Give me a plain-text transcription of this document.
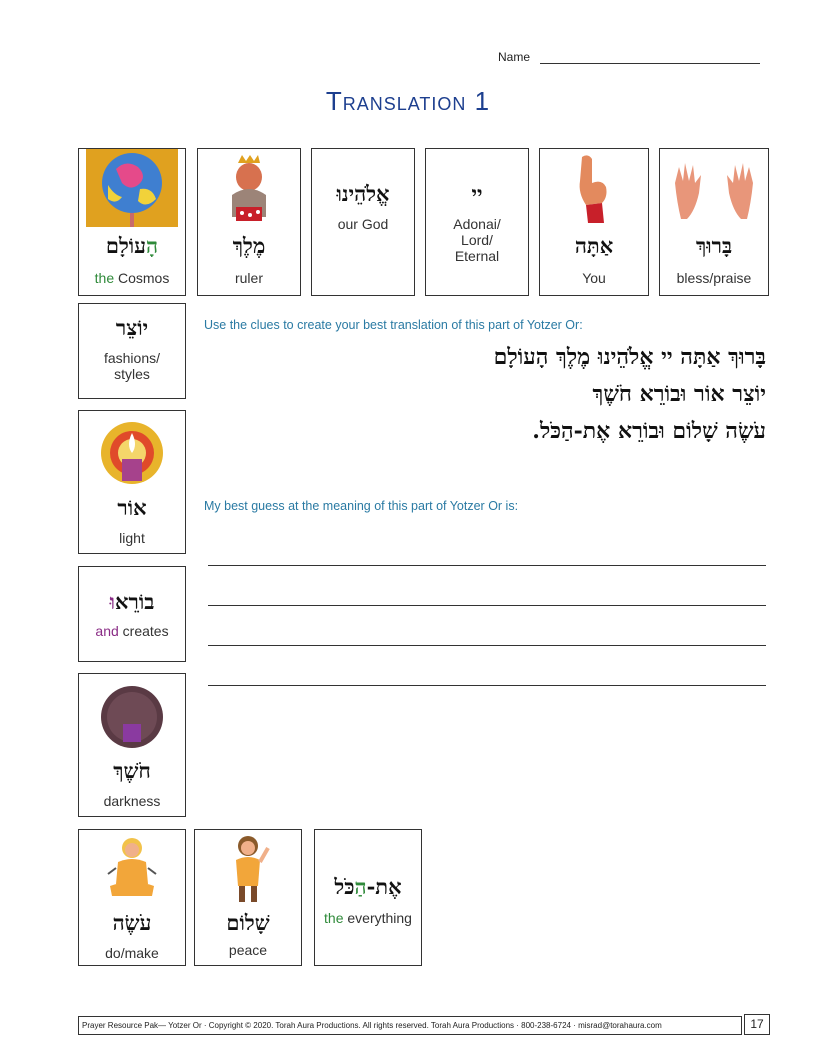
Name
Translation 1
הָעוֹלָם
the Cosmos
מֶלֶךְ
ruler
אֱלֹהֵינוּ
our God
יי
Adonai/ Lord/ Eternal	אַתָּה
You
בָּרוּךְ
bless/praise
יוֹצֵר
fashions/ styles
אוֹר
light
בוֹרֵאוּ
and creates
חֹשֶׁךְ
darkness
עֹשֶׂה
do/make
שָׁלוֹם
peace
אֶת-הַכֹּל
the everything
Use the clues to create your best translation of this part of Yotzer Or:
בָּרוּךְ אַתָּה יי אֱלֹהֵינוּ מֶלֶךְ הָעוֹלָם
יוֹצֵר אוֹר וּבוֹרֵא חֹשֶׁךְ
עֹשֶׂה שָׁלוֹם וּבוֹרֵא אֶת-הַכֹּל.
My best guess at the meaning of this part of Yotzer Or is:
Prayer Resource Pak— Yotzer Or · Copyright © 2020. Torah Aura Productions. All rights reserved. Torah Aura Productions · 800-238-6724 · misrad@torahaura.com	17
